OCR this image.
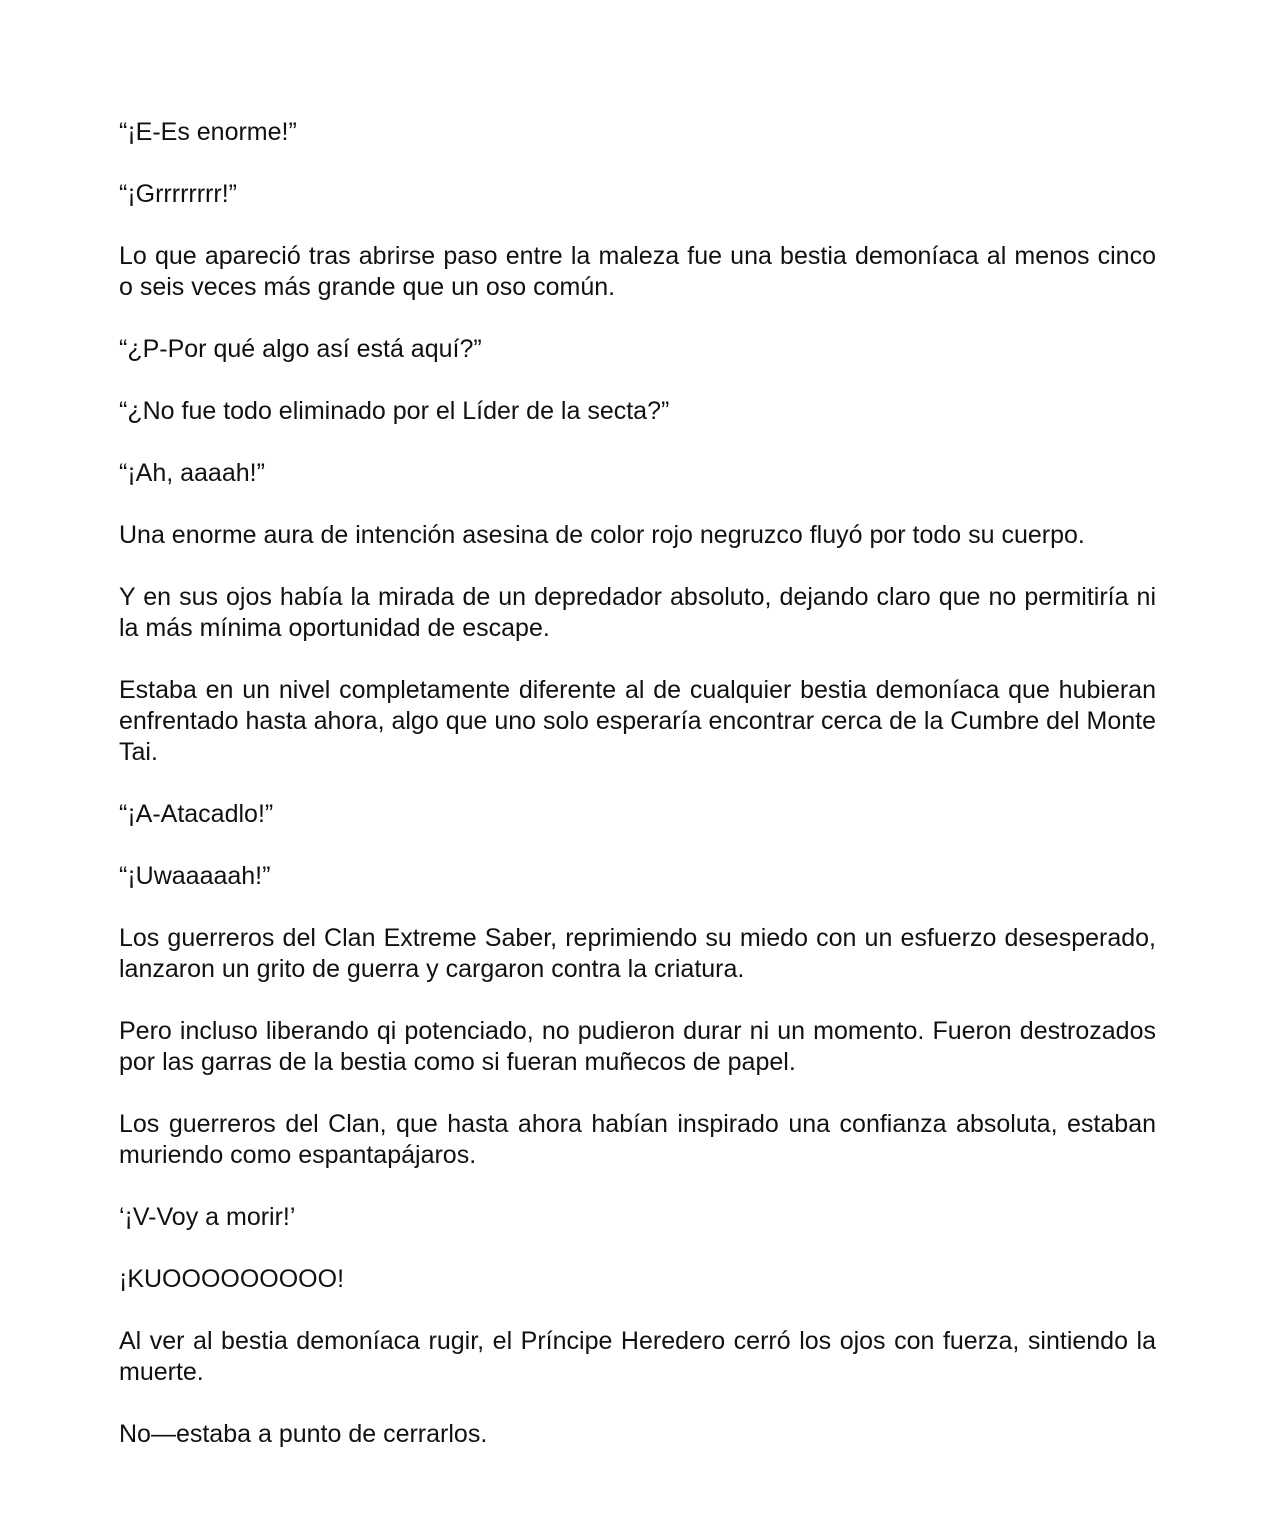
“¡E-Es enorme!”

“¡Grrrrrrrr!”

Lo que apareció tras abrirse paso entre la maleza fue una bestia demoníaca al menos cinco o seis veces más grande que un oso común.

“¿P-Por qué algo así está aquí?”

“¿No fue todo eliminado por el Líder de la secta?”

“¡Ah, aaaah!”

Una enorme aura de intención asesina de color rojo negruzco fluyó por todo su cuerpo.

Y en sus ojos había la mirada de un depredador absoluto, dejando claro que no permitiría ni la más mínima oportunidad de escape.

Estaba en un nivel completamente diferente al de cualquier bestia demoníaca que hubieran enfrentado hasta ahora, algo que uno solo esperaría encontrar cerca de la Cumbre del Monte Tai.

“¡A-Atacadlo!”

“¡Uwaaaaah!”

Los guerreros del Clan Extreme Saber, reprimiendo su miedo con un esfuerzo desesperado, lanzaron un grito de guerra y cargaron contra la criatura.

Pero incluso liberando qi potenciado, no pudieron durar ni un momento. Fueron destrozados por las garras de la bestia como si fueran muñecos de papel.

Los guerreros del Clan, que hasta ahora habían inspirado una confianza absoluta, estaban muriendo como espantapájaros.

‘¡V-Voy a morir!’

¡KUOOOOOOOOO!

Al ver al bestia demoníaca rugir, el Príncipe Heredero cerró los ojos con fuerza, sintiendo la muerte.

No—estaba a punto de cerrarlos.
